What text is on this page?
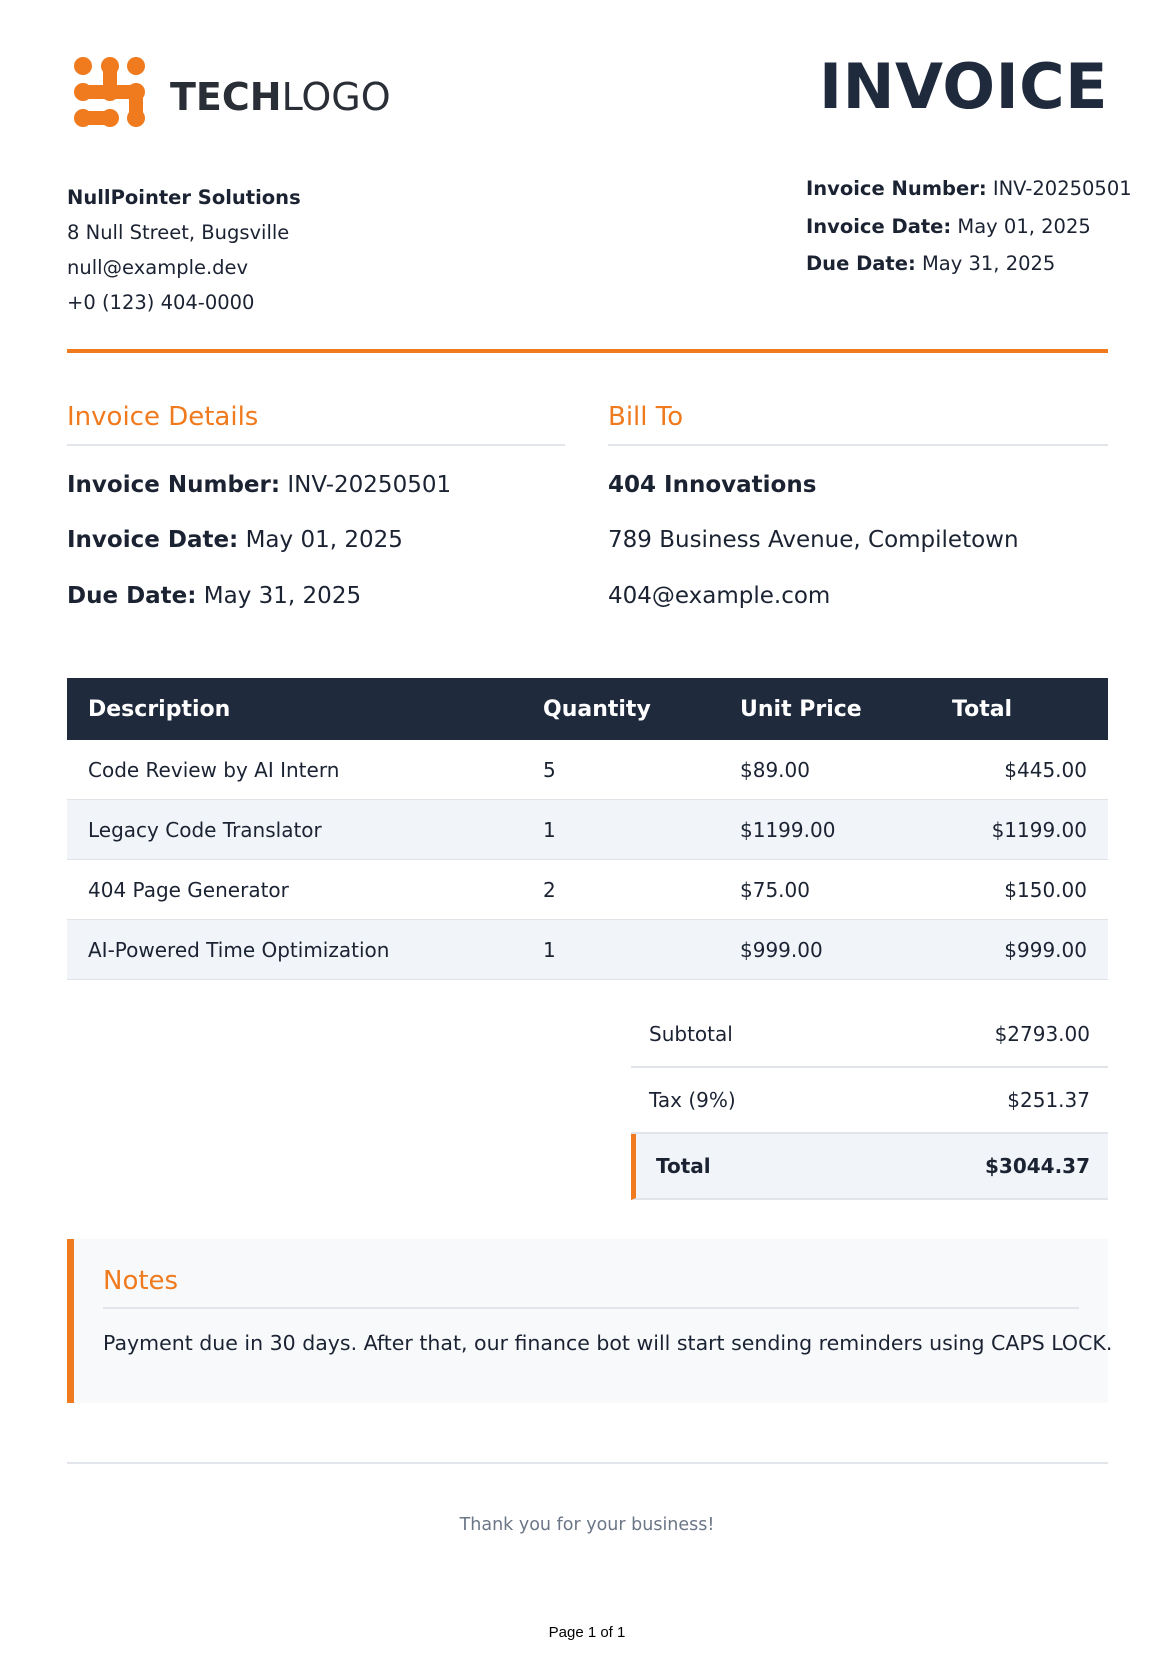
TECHLOGO	INVOICE
NullPointer Solutions
8 Null Street, Bugsville
null@example.dev
+0 (123) 404-0000
Invoice Number: INV-20250501
Invoice Date: May 01, 2025
Due Date: May 31, 2025
Invoice Details
Invoice Number: INV-20250501
Invoice Date: May 01, 2025
Due Date: May 31, 2025
Bill To
404 Innovations
789 Business Avenue, Compiletown
404@example.com
Description	Quantity	Unit Price	Total
Code Review by AI Intern	5	$89.00	$445.00
Legacy Code Translator	1	$1199.00	$1199.00
404 Page Generator	2	$75.00	$150.00
AI-Powered Time Optimization	1	$999.00	$999.00
Subtotal	$2793.00
Tax (9%)	$251.37
Total	$3044.37
Notes
Payment due in 30 days. After that, our finance bot will start sending reminders using CAPS LOCK.
Thank you for your business!
Page 1 of 1
